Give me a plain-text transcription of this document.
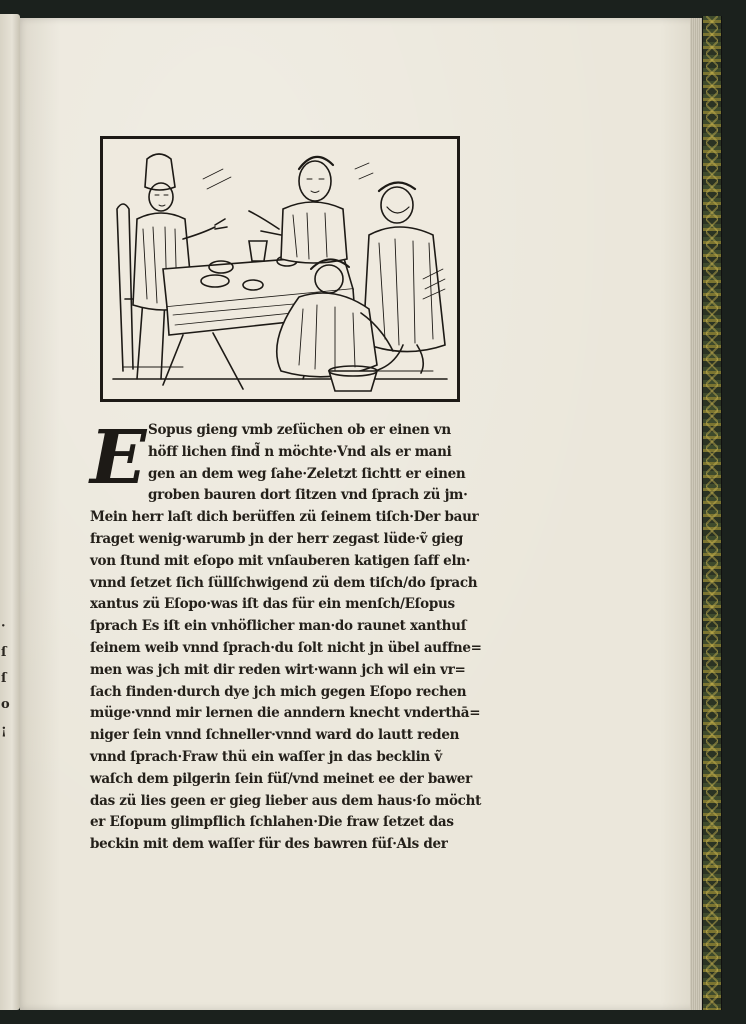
·
ſ
ſ
o
¡
E Sopus gieng vmb zeſüchen ob er einen vn
höff lichen find̃ n möchte·Vnd als er mani
gen an dem weg ſahe·Zeletzt ſichtt er einen
groben bauren dort ſitzen vnd ſprach zü jm·
Mein herr laſt dich berüffen zü ſeinem tiſch·Der baur
fraget wenig·warumb jn der herr zegast lüde·ṽ gieg
von ſtund mit eſopo mit vnſauberen katigen ſaff eln·
vnnd ſetzet ſich ſüllſchwigend zü dem tiſch/do ſprach
xantus zü Eſopo·was iſt das für ein menſch/Eſopus
ſprach Es iſt ein vnhöflicher man·do raunet xanthuſ
ſeinem weib vnnd ſprach·du ſolt nicht jn übel auffne=
men was jch mit dir reden wirt·wann jch wil ein vr=
ſach finden·durch dye jch mich gegen Eſopo rechen
müge·vnnd mir lernen die anndern knecht vnderthā=
niger ſein vnnd ſchneller·vnnd ward do lautt reden
vnnd ſprach·Fraw thü ein waſſer jn das becklin ṽ
waſch dem pilgerin ſein füſ/vnd meinet ee der bawer
das zü lies geen er gieg lieber aus dem haus·ſo möcht
er Eſopum glimpflich ſchlahen·Die fraw ſetzet das
beckin mit dem waſſer für des bawren füſ·Als der
